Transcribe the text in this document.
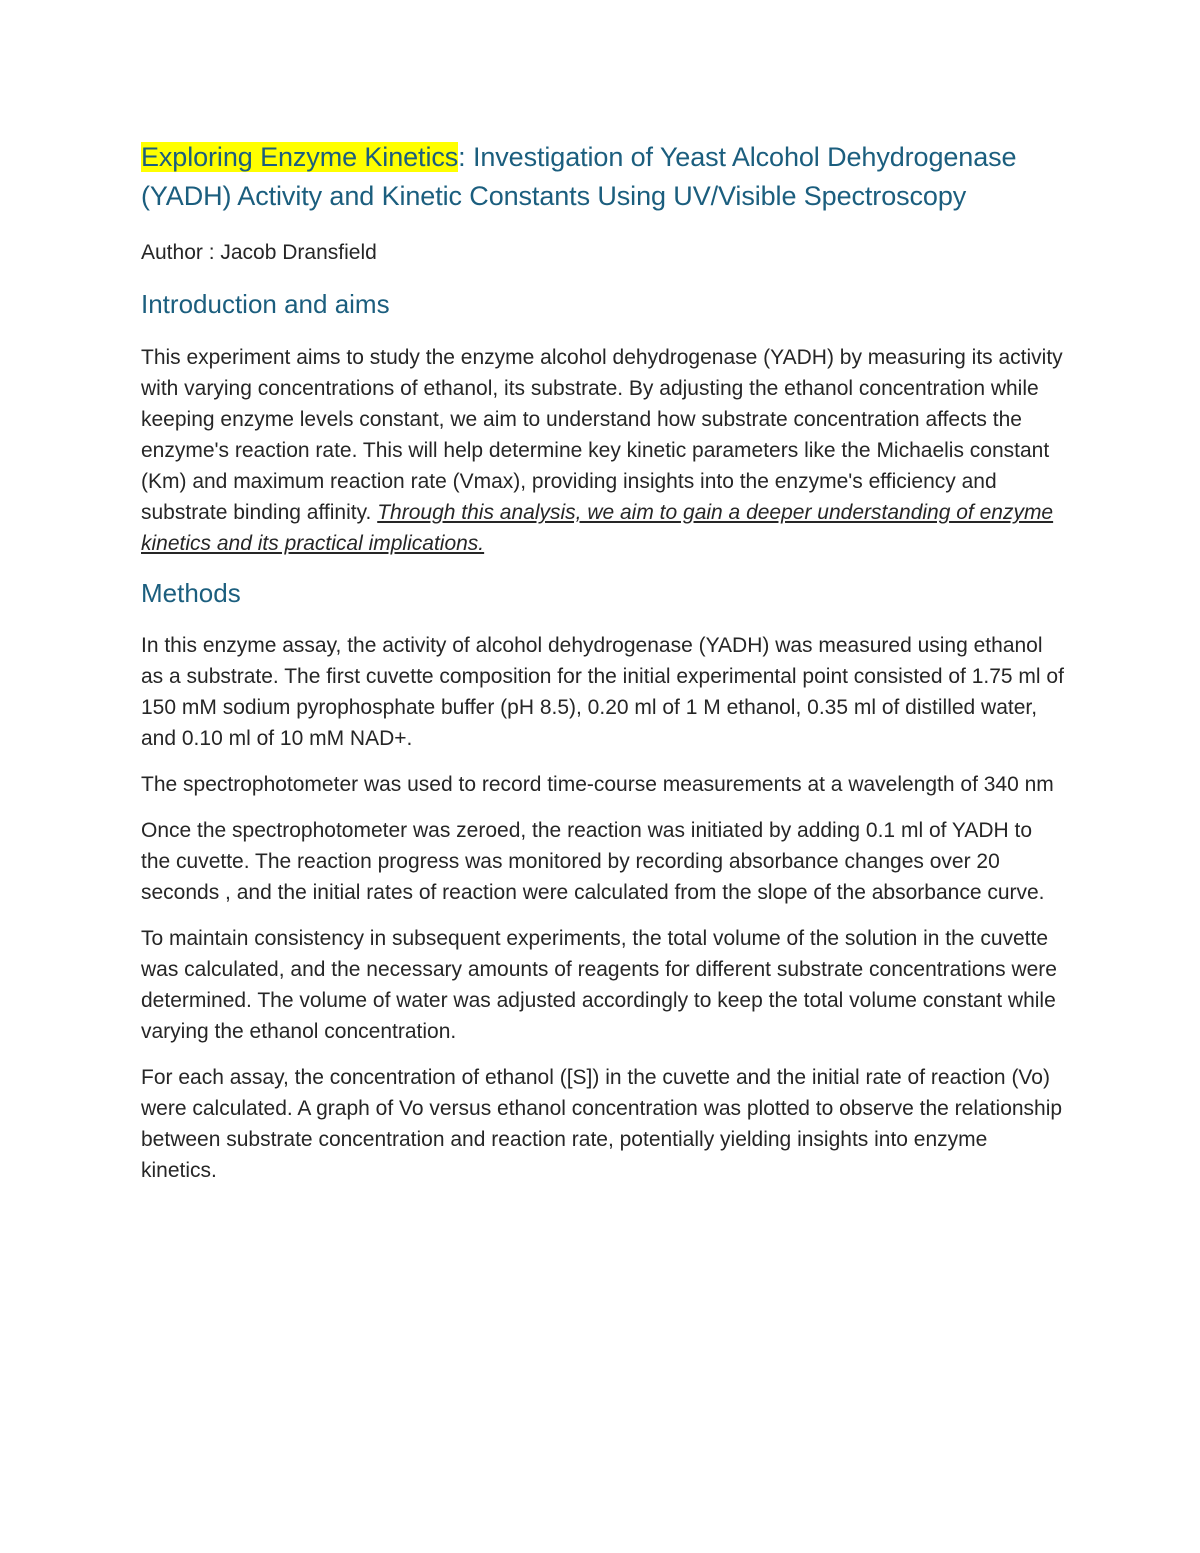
Exploring Enzyme Kinetics: Investigation of Yeast Alcohol Dehydrogenase (YADH) Activity and Kinetic Constants Using UV/Visible Spectroscopy

Author : Jacob Dransfield

Introduction and aims

This experiment aims to study the enzyme alcohol dehydrogenase (YADH) by measuring its activity with varying concentrations of ethanol, its substrate. By adjusting the ethanol concentration while keeping enzyme levels constant, we aim to understand how substrate concentration affects the enzyme's reaction rate. This will help determine key kinetic parameters like the Michaelis constant (Km) and maximum reaction rate (Vmax), providing insights into the enzyme's efficiency and substrate binding affinity. Through this analysis, we aim to gain a deeper understanding of enzyme kinetics and its practical implications.

Methods

In this enzyme assay, the activity of alcohol dehydrogenase (YADH) was measured using ethanol as a substrate. The first cuvette composition for the initial experimental point consisted of 1.75 ml of 150 mM sodium pyrophosphate buffer (pH 8.5), 0.20 ml of 1 M ethanol, 0.35 ml of distilled water, and 0.10 ml of 10 mM NAD+.

The spectrophotometer was used to record time-course measurements at a wavelength of 340 nm

Once the spectrophotometer was zeroed, the reaction was initiated by adding 0.1 ml of YADH to the cuvette. The reaction progress was monitored by recording absorbance changes over 20 seconds , and the initial rates of reaction were calculated from the slope of the absorbance curve.

To maintain consistency in subsequent experiments, the total volume of the solution in the cuvette was calculated, and the necessary amounts of reagents for different substrate concentrations were determined. The volume of water was adjusted accordingly to keep the total volume constant while varying the ethanol concentration.

For each assay, the concentration of ethanol ([S]) in the cuvette and the initial rate of reaction (Vo) were calculated. A graph of Vo versus ethanol concentration was plotted to observe the relationship between substrate concentration and reaction rate, potentially yielding insights into enzyme kinetics.
